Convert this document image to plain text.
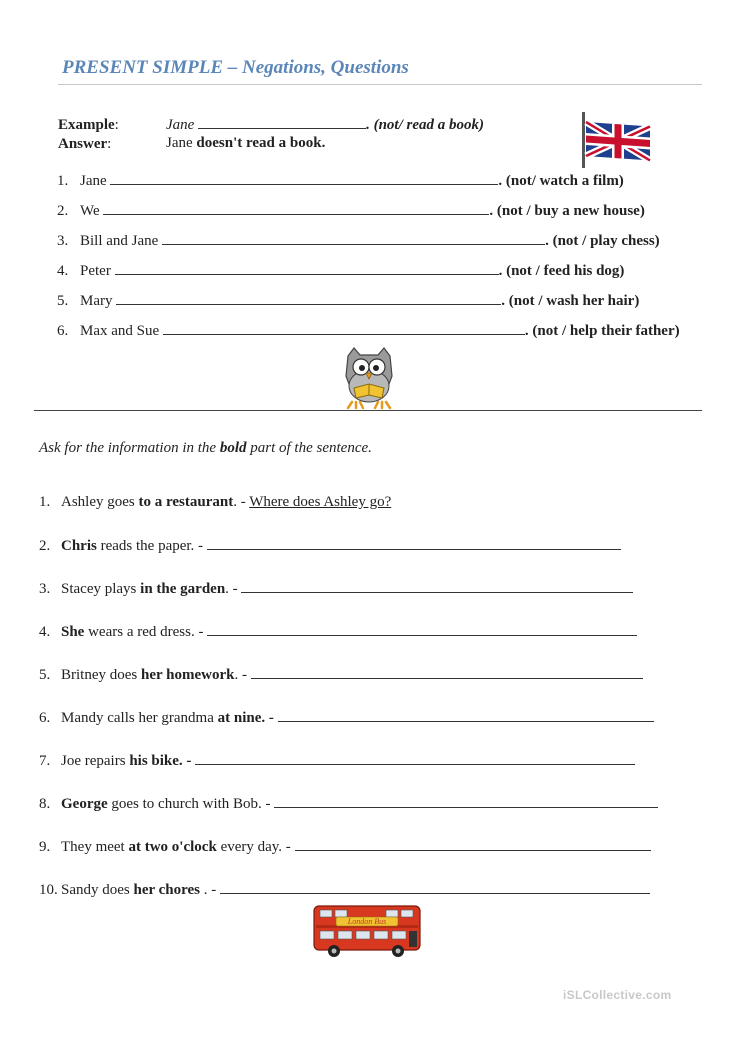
PRESENT SIMPLE – Negations, Questions
Example:	Jane	. (not/ read a book)
Answer:	Jane doesn't read a book.
1. Jane	. (not/ watch a film)
2. We	. (not / buy a new house)
3. Bill and Jane	. (not / play chess)
4. Peter	. (not / feed his dog)
5. Mary	. (not / wash her hair)
6. Max and Sue	. (not / help their father)
Ask for the information in the bold part of the sentence.
1. Ashley goes to a restaurant. - Where does Ashley go?
2. Chris reads the paper. -
3. Stacey plays in the garden. -
4. She wears a red dress. -
5. Britney does her homework. -
6. Mandy calls her grandma at nine. -
7. Joe repairs his bike. -
8. George goes to church with Bob. -
9. They meet at two o'clock every day. -
10. Sandy does her chores . -
London Bus
iSLCollective.com
